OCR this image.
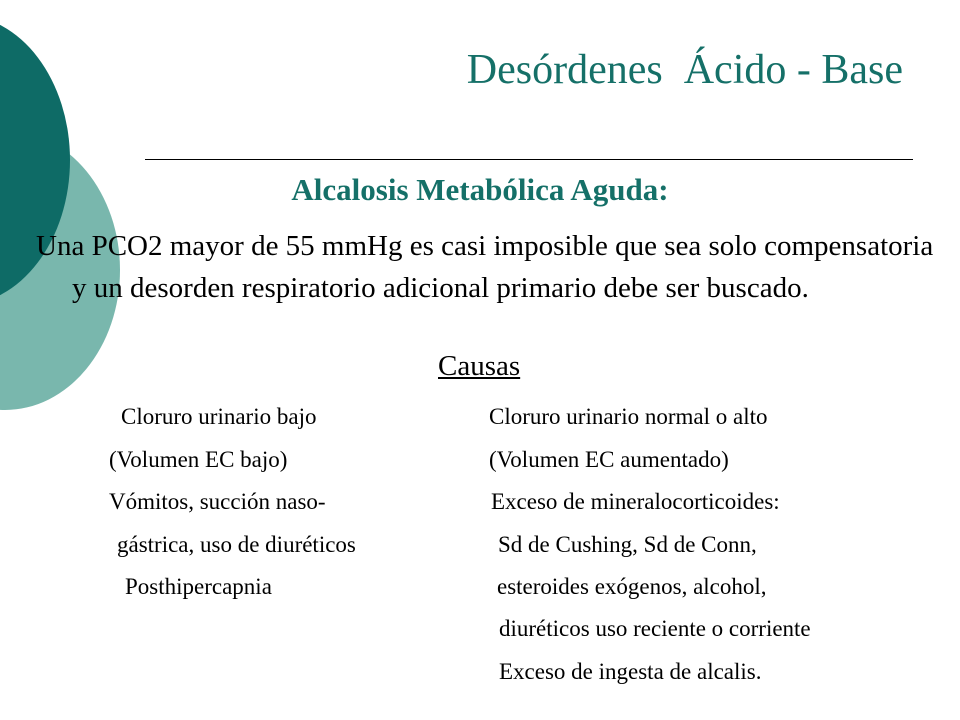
Desórdenes  Ácido - Base
Alcalosis Metabólica Aguda:

Una PCO2 mayor de 55 mmHg es casi imposible que sea solo compensatoria y un desorden respiratorio adicional primario debe ser buscado.

Causas

Cloruro urinario bajo
(Volumen EC bajo)
Vómitos, succión naso-
gástrica, uso de diuréticos
Posthipercapnia
Cloruro urinario normal o alto
(Volumen EC aumentado)
Exceso de mineralocorticoides:
Sd de Cushing, Sd de Conn,
esteroides exógenos, alcohol,
diuréticos uso reciente o corriente
Exceso de ingesta de alcalis.
